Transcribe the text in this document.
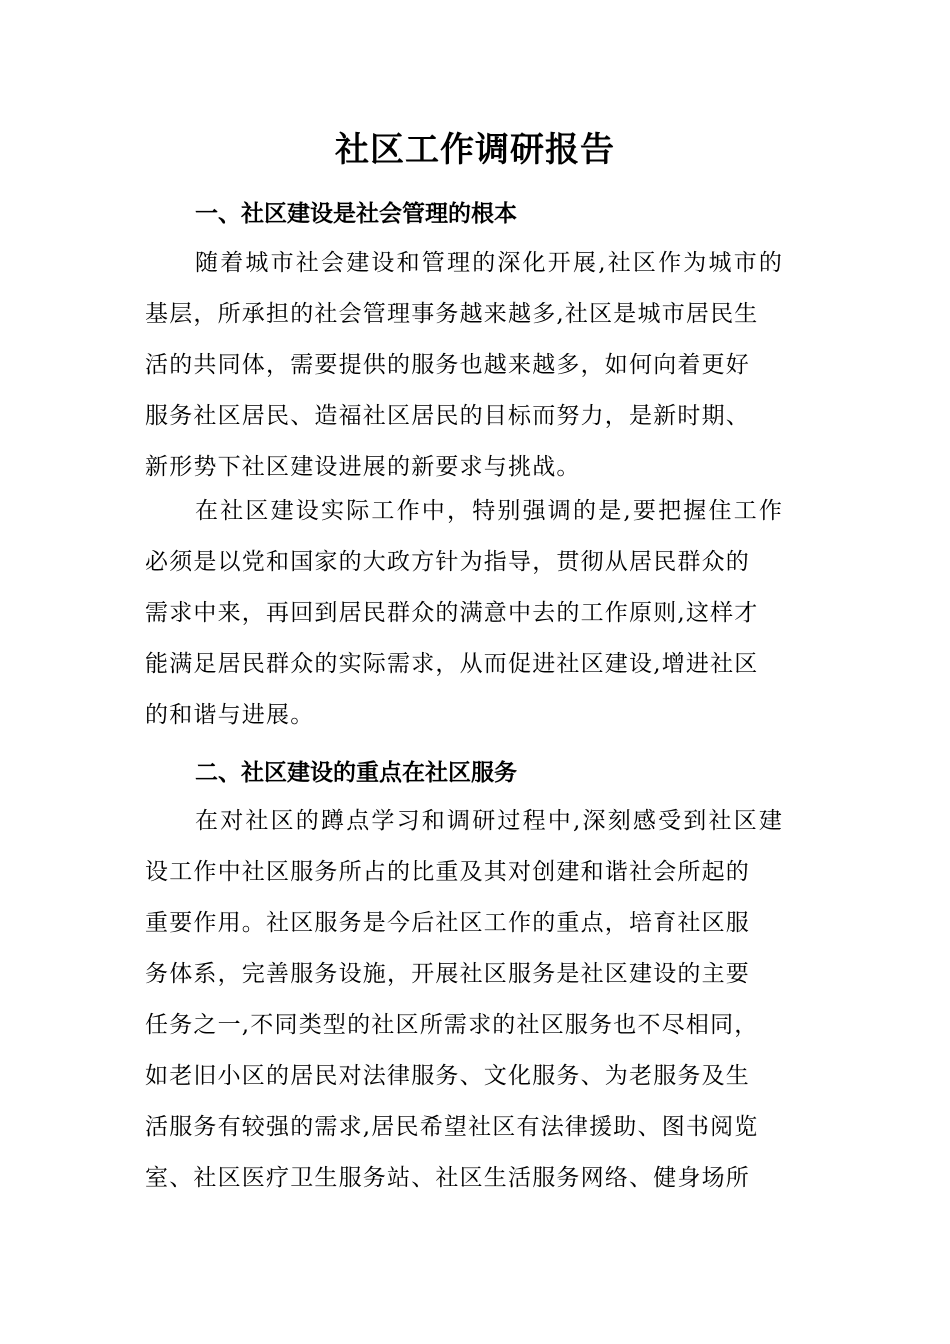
社区工作调研报告
一、社区建设是社会管理的根本
随着城市社会建设和管理的深化开展,社区作为城市的
基层，所承担的社会管理事务越来越多,社区是城市居民生
活的共同体，需要提供的服务也越来越多，如何向着更好
服务社区居民、造福社区居民的目标而努力，是新时期、
新形势下社区建设进展的新要求与挑战。
在社区建设实际工作中，特别强调的是,要把握住工作
必须是以党和国家的大政方针为指导，贯彻从居民群众的
需求中来，再回到居民群众的满意中去的工作原则,这样才
能满足居民群众的实际需求，从而促进社区建设,增进社区
的和谐与进展。
二、社区建设的重点在社区服务
在对社区的蹲点学习和调研过程中,深刻感受到社区建
设工作中社区服务所占的比重及其对创建和谐社会所起的
重要作用。社区服务是今后社区工作的重点，培育社区服
务体系，完善服务设施，开展社区服务是社区建设的主要
任务之一,不同类型的社区所需求的社区服务也不尽相同，
如老旧小区的居民对法律服务、文化服务、为老服务及生
活服务有较强的需求,居民希望社区有法律援助、图书阅览
室、社区医疗卫生服务站、社区生活服务网络、健身场所
